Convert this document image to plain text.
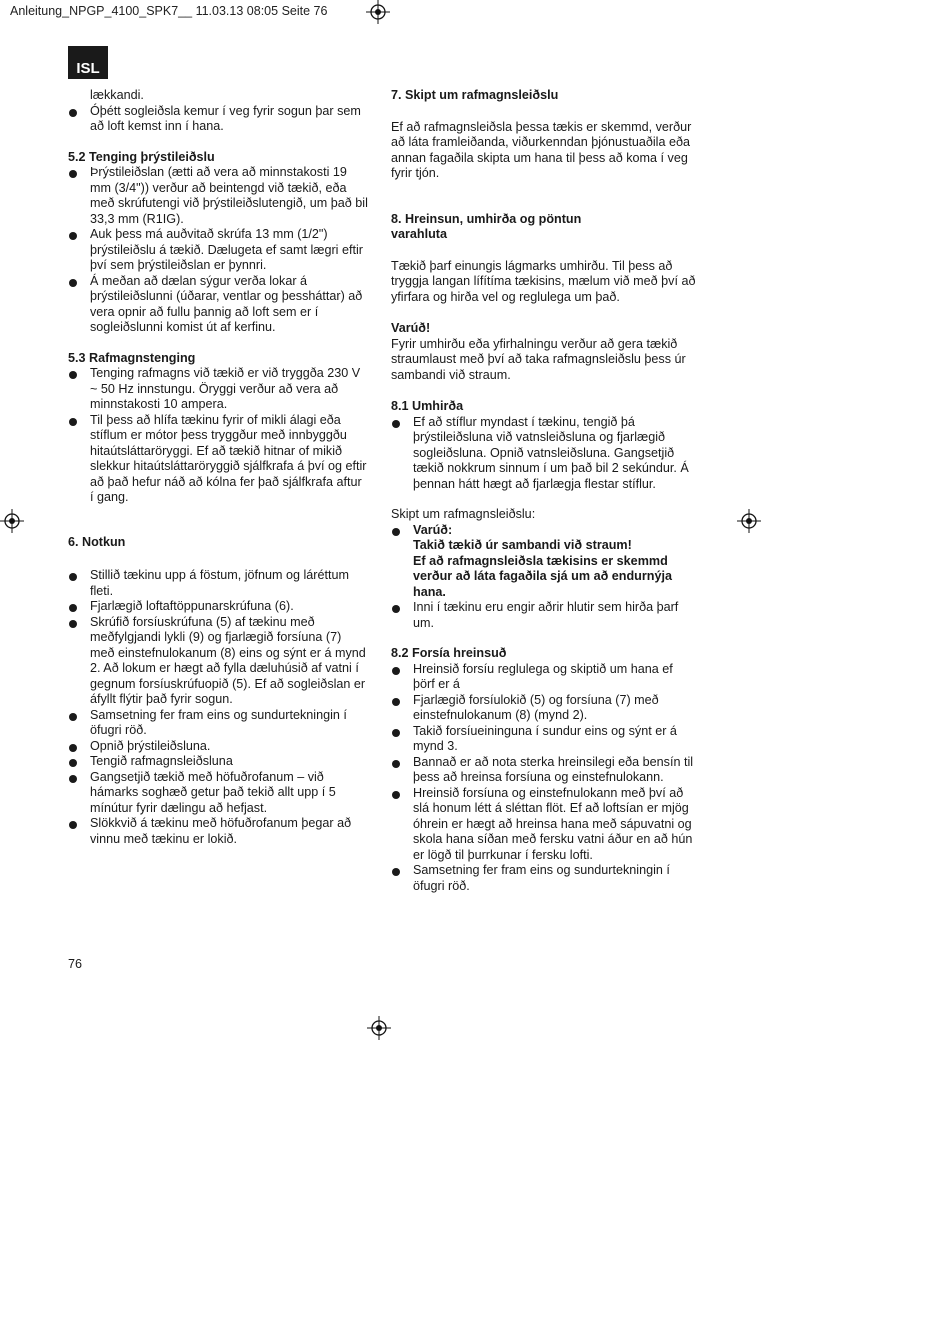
Anleitung_NPGP_4100_SPK7__ 11.03.13 08:05 Seite 76
ISL

lækkandi.

Óþétt sogleiðsla kemur í veg fyrir sogun þar sem að loft kemst inn í hana.

5.2 Tenging þrýstileiðslu

Þrýstileiðslan (ætti að vera að minnstakosti 19 mm (3/4")) verður að beintengd við tækið, eða með skrúfutengi við þrýstileiðslutengið, um það bil 33,3 mm (R1IG).
Auk þess má auðvitað skrúfa 13 mm (1/2") þrýstileiðslu á tækið. Dælugeta ef samt lægri eftir því sem þrýstileiðslan er þynnri.
Á meðan að dælan sýgur verða lokar á þrýstileiðslunni (úðarar, ventlar og þessháttar) að vera opnir að fullu þannig að loft sem er í sogleiðslunni komist út af kerfinu.

5.3 Rafmagnstenging

Tenging rafmagns við tækið er við tryggða 230 V ~ 50 Hz innstungu. Öryggi verður að vera að minnstakosti 10 ampera.
Til þess að hlífa tækinu fyrir of mikli álagi eða stíflum er mótor þess tryggður með innbyggðu hitaútsláttaröryggi. Ef að tækið hitnar of mikið slekkur hitaútsláttaröryggið sjálfkrafa á því og eftir að það hefur náð að kólna fer það sjálfkrafa aftur í gang.

6. Notkun

Stillið tækinu upp á föstum, jöfnum og láréttum fleti.
Fjarlægið loftaftöppunarskrúfuna (6).
Skrúfið forsíuskrúfuna (5) af tækinu með meðfylgjandi lykli (9) og fjarlægið forsíuna (7) með einstefnulokanum (8) eins og sýnt er á mynd 2. Að lokum er hægt að fylla dæluhúsið af vatni í gegnum forsíuskrúfuopið (5). Ef að sogleiðslan er áfyllt flýtir það fyrir sogun.
Samsetning fer fram eins og sundurtekningin í öfugri röð.
Opnið þrýstileiðsluna.
Tengið rafmagnsleiðsluna
Gangsetjið tækið með höfuðrofanum – við hámarks soghæð getur það tekið allt upp í 5 mínútur fyrir dælingu að hefjast.
Slökkvið á tækinu með höfuðrofanum þegar að vinnu með tækinu er lokið.

7. Skipt um rafmagnsleiðslu

Ef að rafmagnsleiðsla þessa tækis er skemmd, verður að láta framleiðanda, viðurkenndan þjónustuaðila eða annan fagaðila skipta um hana til þess að koma í veg fyrir tjón.

8. Hreinsun, umhirða og pöntun

varahluta

Tækið þarf einungis lágmarks umhirðu. Til þess að tryggja langan lífítíma tækisins, mælum við með því að yfirfara og hirða vel og reglulega um það.

Varúð!

Fyrir umhirðu eða yfirhalningu verður að gera tækið straumlaust með því að taka rafmagnsleiðslu þess úr sambandi við straum.

8.1 Umhirða

Ef að stíflur myndast í tækinu, tengið þá þrýstileiðsluna við vatnsleiðsluna og fjarlægið sogleiðsluna. Opnið vatnsleiðsluna. Gangsetjið tækið nokkrum sinnum í um það bil 2 sekúndur. Á þennan hátt hægt að fjarlægja flestar stíflur.

Skipt um rafmagnsleiðslu:

Varúð:
Takið tækið úr sambandi við straum!
Ef að rafmagnsleiðsla tækisins er skemmd verður að láta fagaðila sjá um að endurnýja hana.
Inni í tækinu eru engir aðrir hlutir sem hirða þarf um.

8.2 Forsía hreinsuð

Hreinsið forsíu reglulega og skiptið um hana ef þörf er á
Fjarlægið forsíulokið (5) og forsíuna (7) með einstefnulokanum (8) (mynd 2).
Takið forsíueininguna í sundur eins og sýnt er á mynd 3.
Bannað er að nota sterka hreinsilegi eða bensín til þess að hreinsa forsíuna og einstefnulokann.
Hreinsið forsíuna og einstefnulokann með því að slá honum létt á sléttan flöt. Ef að loftsían er mjög óhrein er hægt að hreinsa hana með sápuvatni og skola hana síðan með fersku vatni áður en að hún er lögð til þurrkunar í fersku lofti.
Samsetning fer fram eins og sundurtekningin í öfugri röð.
76
